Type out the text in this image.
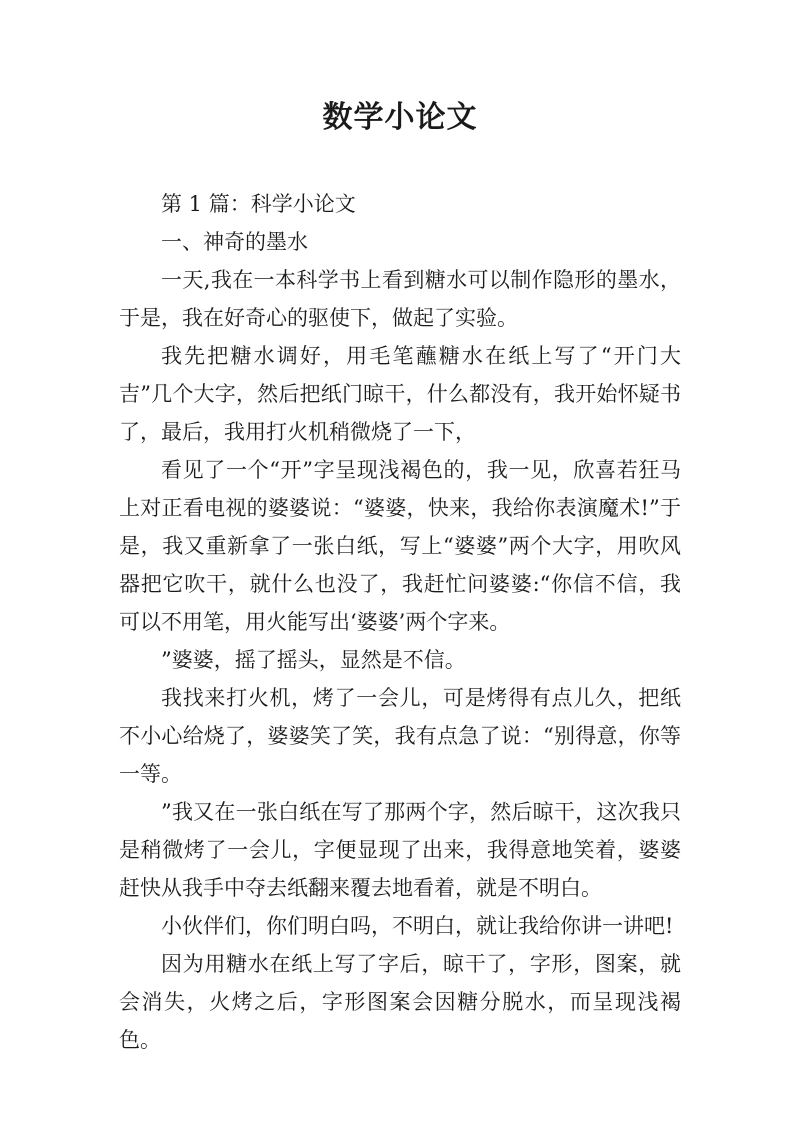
数学小论文

第 1 篇：科学小论文

一、神奇的墨水

一天,我在一本科学书上看到糖水可以制作隐形的墨水，于是，我在好奇心的驱使下，做起了实验。

我先把糖水调好，用毛笔蘸糖水在纸上写了“开门大吉”几个大字，然后把纸门晾干，什么都没有，我开始怀疑书了，最后，我用打火机稍微烧了一下，

看见了一个“开”字呈现浅褐色的，我一见，欣喜若狂马上对正看电视的婆婆说：“婆婆，快来，我给你表演魔术!”于是，我又重新拿了一张白纸，写上“婆婆”两个大字，用吹风器把它吹干，就什么也没了，我赶忙问婆婆:“你信不信，我可以不用笔，用火能写出‘婆婆’两个字来。

”婆婆，摇了摇头，显然是不信。

我找来打火机，烤了一会儿，可是烤得有点儿久，把纸不小心给烧了，婆婆笑了笑，我有点急了说：“别得意，你等一等。

”我又在一张白纸在写了那两个字，然后晾干，这次我只是稍微烤了一会儿，字便显现了出来，我得意地笑着，婆婆赶快从我手中夺去纸翻来覆去地看着，就是不明白。

小伙伴们，你们明白吗，不明白，就让我给你讲一讲吧!

因为用糖水在纸上写了字后，晾干了，字形，图案，就会消失，火烤之后，字形图案会因糖分脱水，而呈现浅褐色。
